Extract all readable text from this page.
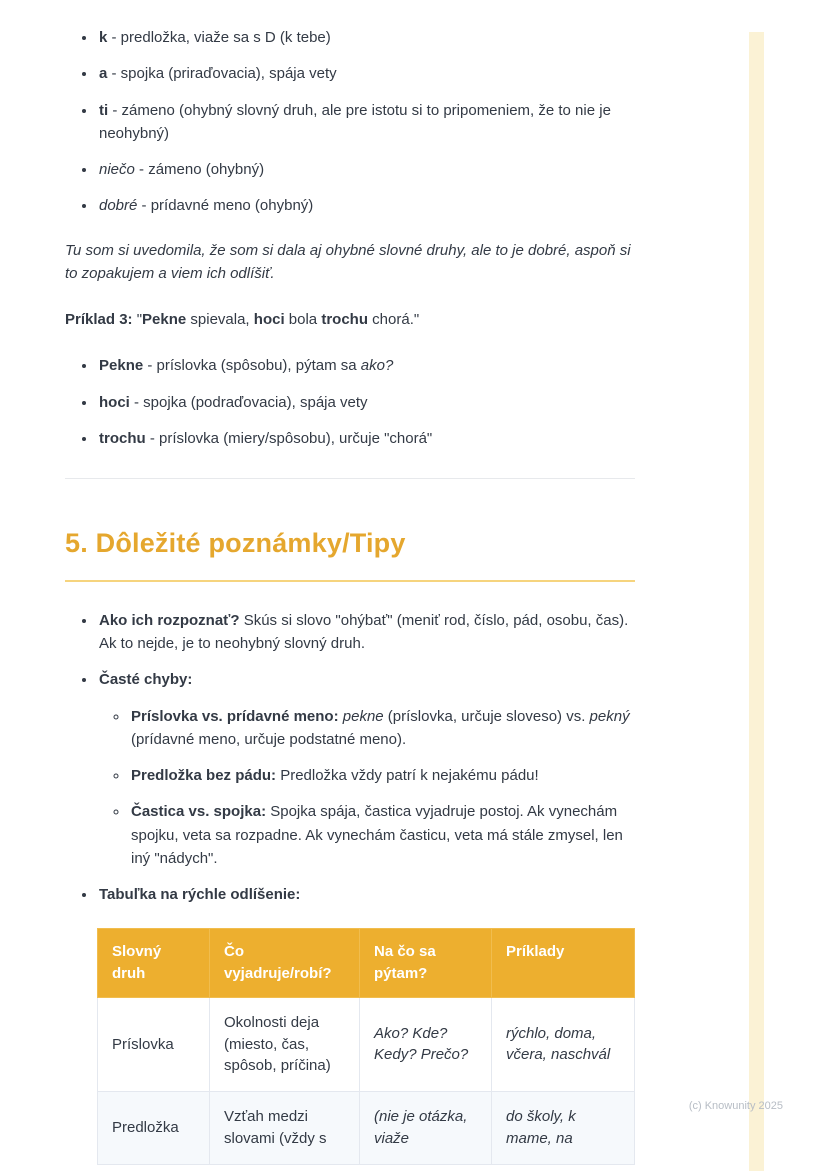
• k - predložka, viaže sa s D (k tebe)
• a - spojka (priraďovacia), spája vety
• ti - zámeno (ohybný slovný druh, ale pre istotu si to pripomeniem, že to nie je neohybný)
• niečo - zámeno (ohybný)
• dobré - prídavné meno (ohybný)

Tu som si uvedomila, že som si dala aj ohybné slovné druhy, ale to je dobré, aspoň si to zopakujem a viem ich odlíšiť.

Príklad 3: "Pekne spievala, hoci bola trochu chorá."

• Pekne - príslovka (spôsobu), pýtam sa ako?
• hoci - spojka (podraďovacia), spája vety
• trochu - príslovka (miery/spôsobu), určuje "chorá"
5. Dôležité poznámky/Tipy
• Ako ich rozpoznať? Skús si slovo "ohýbať" (meniť rod, číslo, pád, osobu, čas). Ak to nejde, je to neohybný slovný druh.
• Časté chyby:
◦ Príslovka vs. prídavné meno: pekne (príslovka, určuje sloveso) vs. pekný (prídavné meno, určuje podstatné meno).
◦ Predložka bez pádu: Predložka vždy patrí k nejakému pádu!
◦ Častica vs. spojka: Spojka spája, častica vyjadruje postoj. Ak vynechám spojku, veta sa rozpadne. Ak vynechám časticu, veta má stále zmysel, len iný "nádych".
• Tabuľka na rýchle odlíšenie:
Slovný druh	Čo vyjadruje/robí?	Na čo sa pýtam?	Príklady
Príslovka	Okolnosti deja (miesto, čas, spôsob, príčina)	Ako? Kde? Kedy? Prečo?	rýchlo, doma, včera, naschvál
Predložka	Vzťah medzi slovami (vždy s	(nie je otázka, viaže	do školy, k mame, na
(c) Knowunity 2025
